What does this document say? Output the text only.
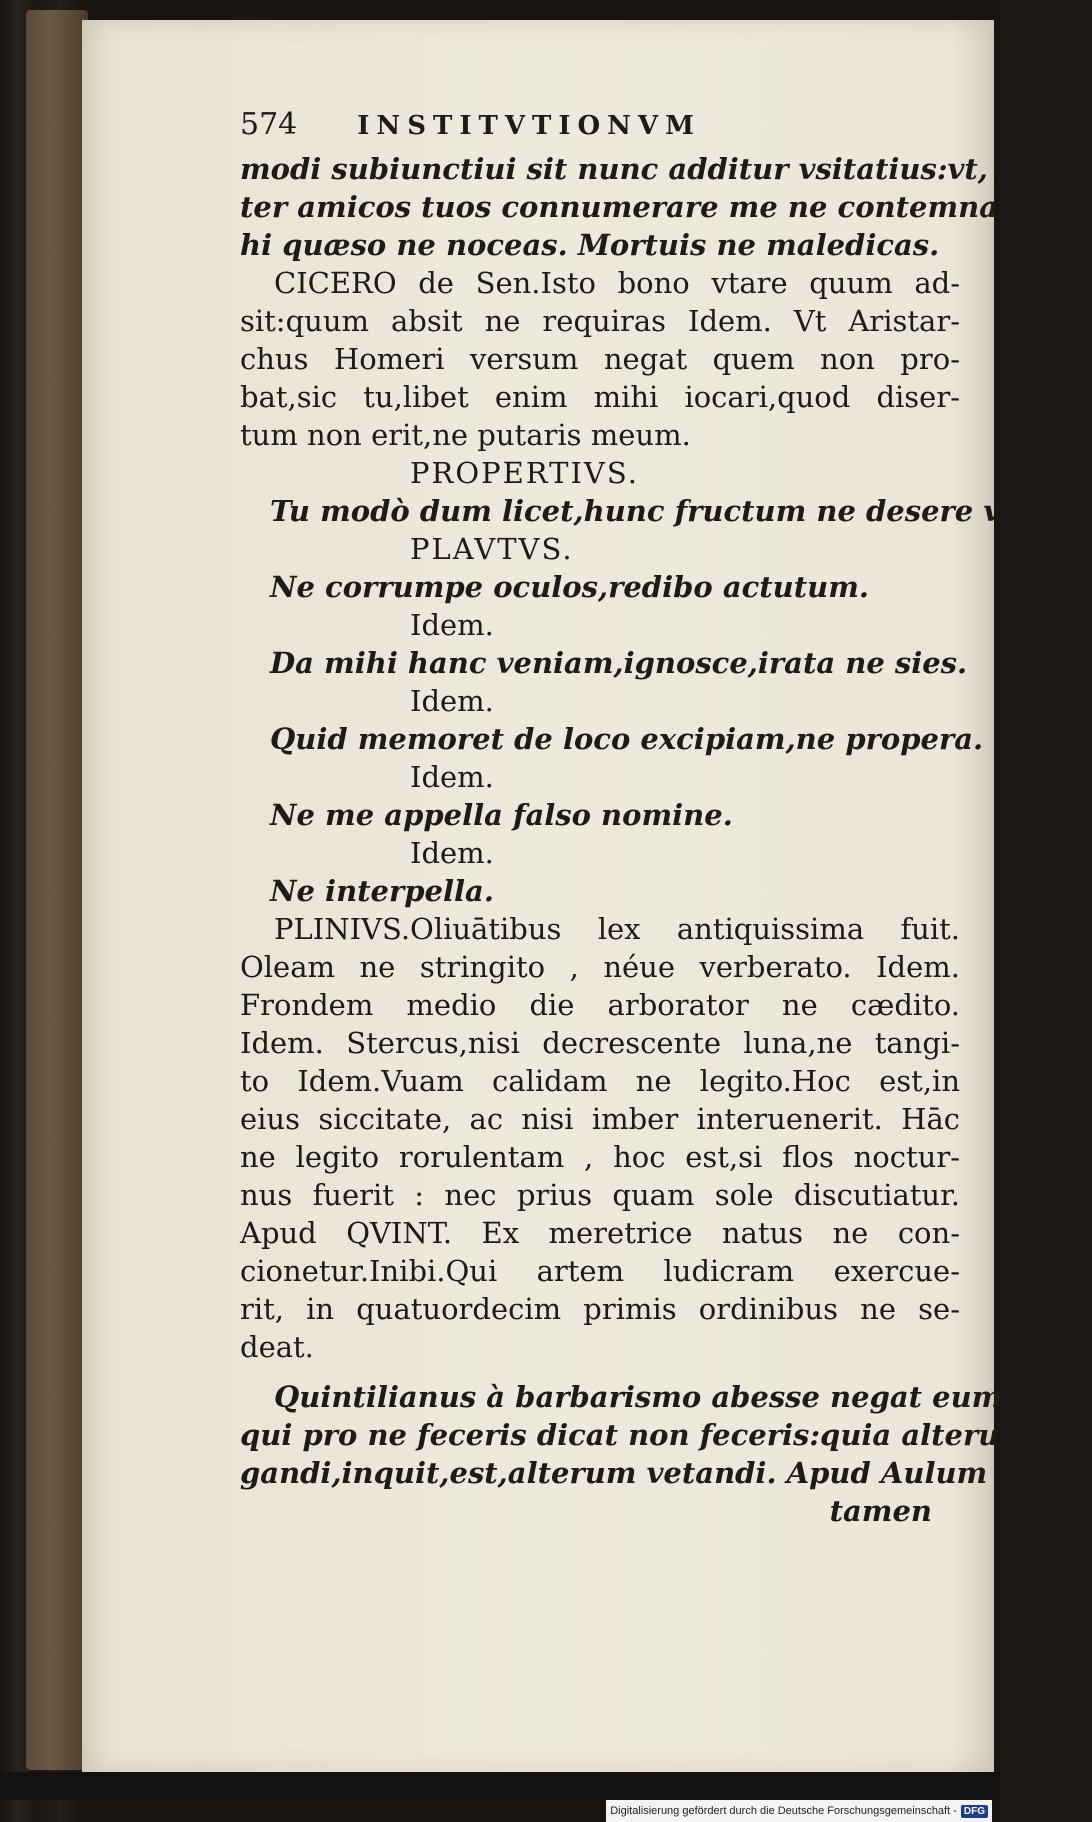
574 INSTITVTIONVM
modi subiunctiui sit nunc additur vsitatius:vt, In-
ter amicos tuos connumerare me ne contemnas.Mi-
hi quæso ne noceas. Mortuis ne maledicas.
CICERO de Sen.Isto bono vtare quum ad-
sit:quum absit ne requiras Idem. Vt Aristar-
chus Homeri versum negat quem non pro-
bat,sic tu,libet enim mihi iocari,quod diser-
tum non erit,ne putaris meum.
PROPERTIVS.
Tu modò dum licet,hunc fructum ne desere vitæ.
PLAVTVS.
Ne corrumpe oculos,redibo actutum.
Idem.
Da mihi hanc veniam,ignosce,irata ne sies.
Idem.
Quid memoret de loco excipiam,ne propera.
Idem.
Ne me appella falso nomine.
Idem.
Ne interpella.
PLINIVS.Oliuātibus lex antiquissima fuit.
Oleam ne stringito , néue verberato. Idem.
Frondem medio die arborator ne cædito.
Idem. Stercus,nisi decrescente luna,ne tangi-
to Idem.Vuam calidam ne legito.Hoc est,in
eius siccitate, ac nisi imber interuenerit. Hāc
ne legito rorulentam , hoc est,si flos noctur-
nus fuerit : nec prius quam sole discutiatur.
Apud QVINT. Ex meretrice natus ne con-
cionetur.Inibi.Qui artem ludicram exercue-
rit, in quatuordecim primis ordinibus ne se-
deat.
Quintilianus à barbarismo abesse negat eum
qui pro ne feceris dicat non feceris:quia alterum ne-
gandi,inquit,est,alterum vetandi. Apud Aulum
tamen
Digitalisierung gefördert durch die Deutsche Forschungsgemeinschaft - DFG
